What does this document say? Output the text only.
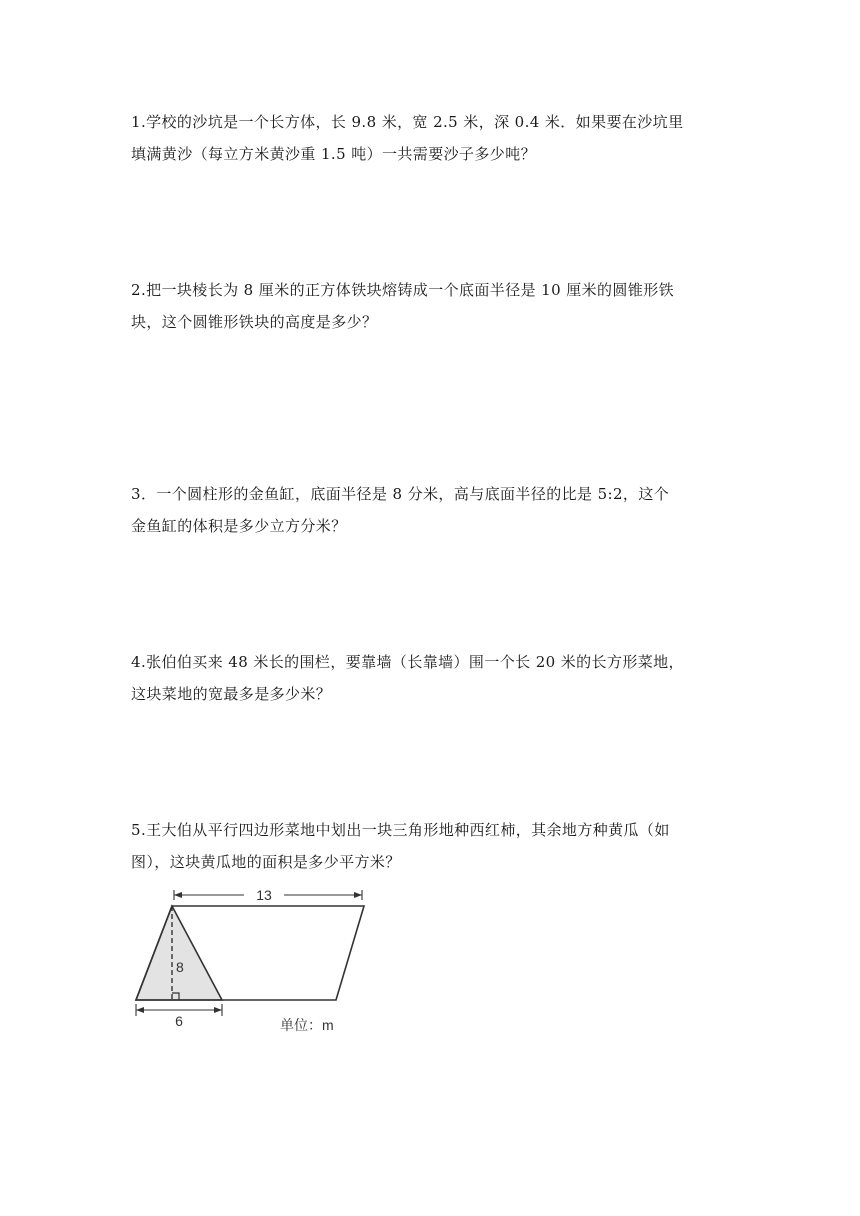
1.学校的沙坑是一个长方体，长 9.8 米，宽 2.5 米，深 0.4 米．如果要在沙坑里
填满黄沙（每立方米黄沙重 1.5 吨）一共需要沙子多少吨？

2.把一块棱长为 8 厘米的正方体铁块熔铸成一个底面半径是 10 厘米的圆锥形铁
块，这个圆锥形铁块的高度是多少？

3．一个圆柱形的金鱼缸，底面半径是 8 分米，高与底面半径的比是 5:2，这个
金鱼缸的体积是多少立方分米？

4.张伯伯买来 48 米长的围栏，要靠墙（长靠墙）围一个长 20 米的长方形菜地，
这块菜地的宽最多是多少米？

5.王大伯从平行四边形菜地中划出一块三角形地种西红柿，其余地方种黄瓜（如
图），这块黄瓜地的面积是多少平方米？

13
8
6	单位：m
